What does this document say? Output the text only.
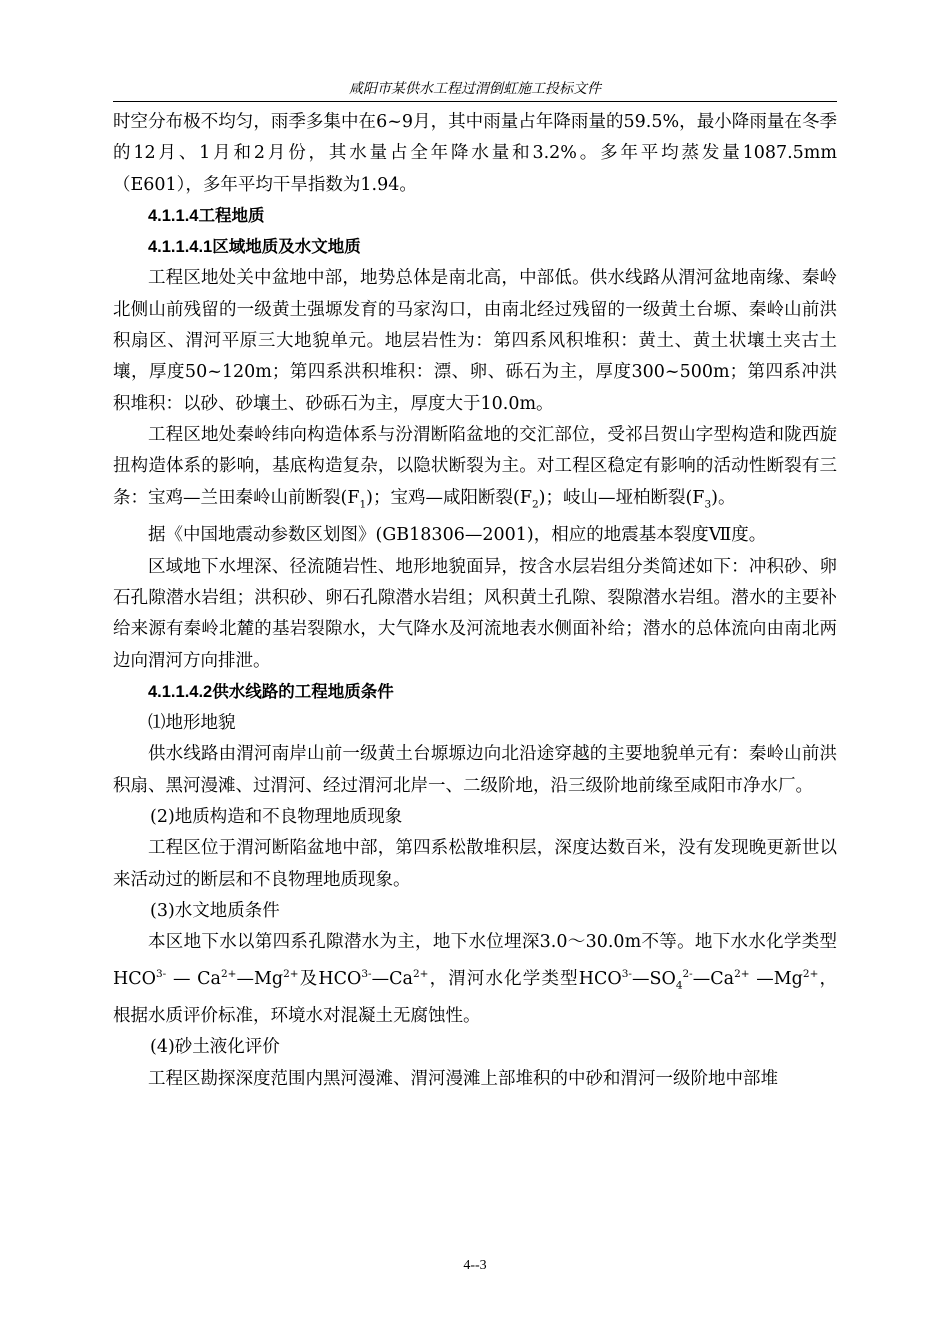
咸阳市某供水工程过渭倒虹施工投标文件

时空分布极不均匀，雨季多集中在6~9月，其中雨量占年降雨量的59.5%，最小降雨量在冬季的12月、1月和2月份，其水量占全年降水量和3.2%。多年平均蒸发量1087.5mm（E601），多年平均干旱指数为1.94。

4.1.1.4工程地质

4.1.1.4.1区域地质及水文地质

工程区地处关中盆地中部，地势总体是南北高，中部低。供水线路从渭河盆地南缘、秦岭北侧山前残留的一级黄土强塬发育的马家沟口，由南北经过残留的一级黄土台塬、秦岭山前洪积扇区、渭河平原三大地貌单元。地层岩性为：第四系风积堆积：黄土、黄土状壤土夹古土壤，厚度50~120m；第四系洪积堆积：漂、卵、砾石为主，厚度300~500m；第四系冲洪积堆积：以砂、砂壤土、砂砾石为主，厚度大于10.0m。

工程区地处秦岭纬向构造体系与汾渭断陷盆地的交汇部位，受祁吕贺山字型构造和陇西旋扭构造体系的影响，基底构造复杂，以隐状断裂为主。对工程区稳定有影响的活动性断裂有三条：宝鸡—兰田秦岭山前断裂$(F_1)$；宝鸡—咸阳断裂$(F_2)$；岐山—垭柏断裂$(F_3)$。

据《中国地震动参数区划图》(GB18306—2001)，相应的地震基本裂度Ⅶ度。

区域地下水埋深、径流随岩性、地形地貌面异，按含水层岩组分类简述如下：冲积砂、卵石孔隙潜水岩组；洪积砂、卵石孔隙潜水岩组；风积黄土孔隙、裂隙潜水岩组。潜水的主要补给来源有秦岭北麓的基岩裂隙水，大气降水及河流地表水侧面补给；潜水的总体流向由南北两边向渭河方向排泄。

4.1.1.4.2供水线路的工程地质条件

⑴地形地貌

供水线路由渭河南岸山前一级黄土台塬塬边向北沿途穿越的主要地貌单元有：秦岭山前洪积扇、黑河漫滩、过渭河、经过渭河北岸一、二级阶地，沿三级阶地前缘至咸阳市净水厂。

(2)地质构造和不良物理地质现象

工程区位于渭河断陷盆地中部，第四系松散堆积层，深度达数百米，没有发现晚更新世以来活动过的断层和不良物理地质现象。

(3)水文地质条件

本区地下水以第四系孔隙潜水为主，地下水位埋深3.0～30.0m不等。地下水水化学类型$HCO^{3-}$ — $Ca^{2+}—Mg^{2+}$及$HCO^{3-}—Ca^{2+}$，渭河水化学类型$HCO^{3-}—SO_4^{2-}—Ca^{2+}$ $—Mg^{2+}$，根据水质评价标准，环境水对混凝土无腐蚀性。

(4)砂土液化评价

工程区勘探深度范围内黑河漫滩、渭河漫滩上部堆积的中砂和渭河一级阶地中部堆

4--3
